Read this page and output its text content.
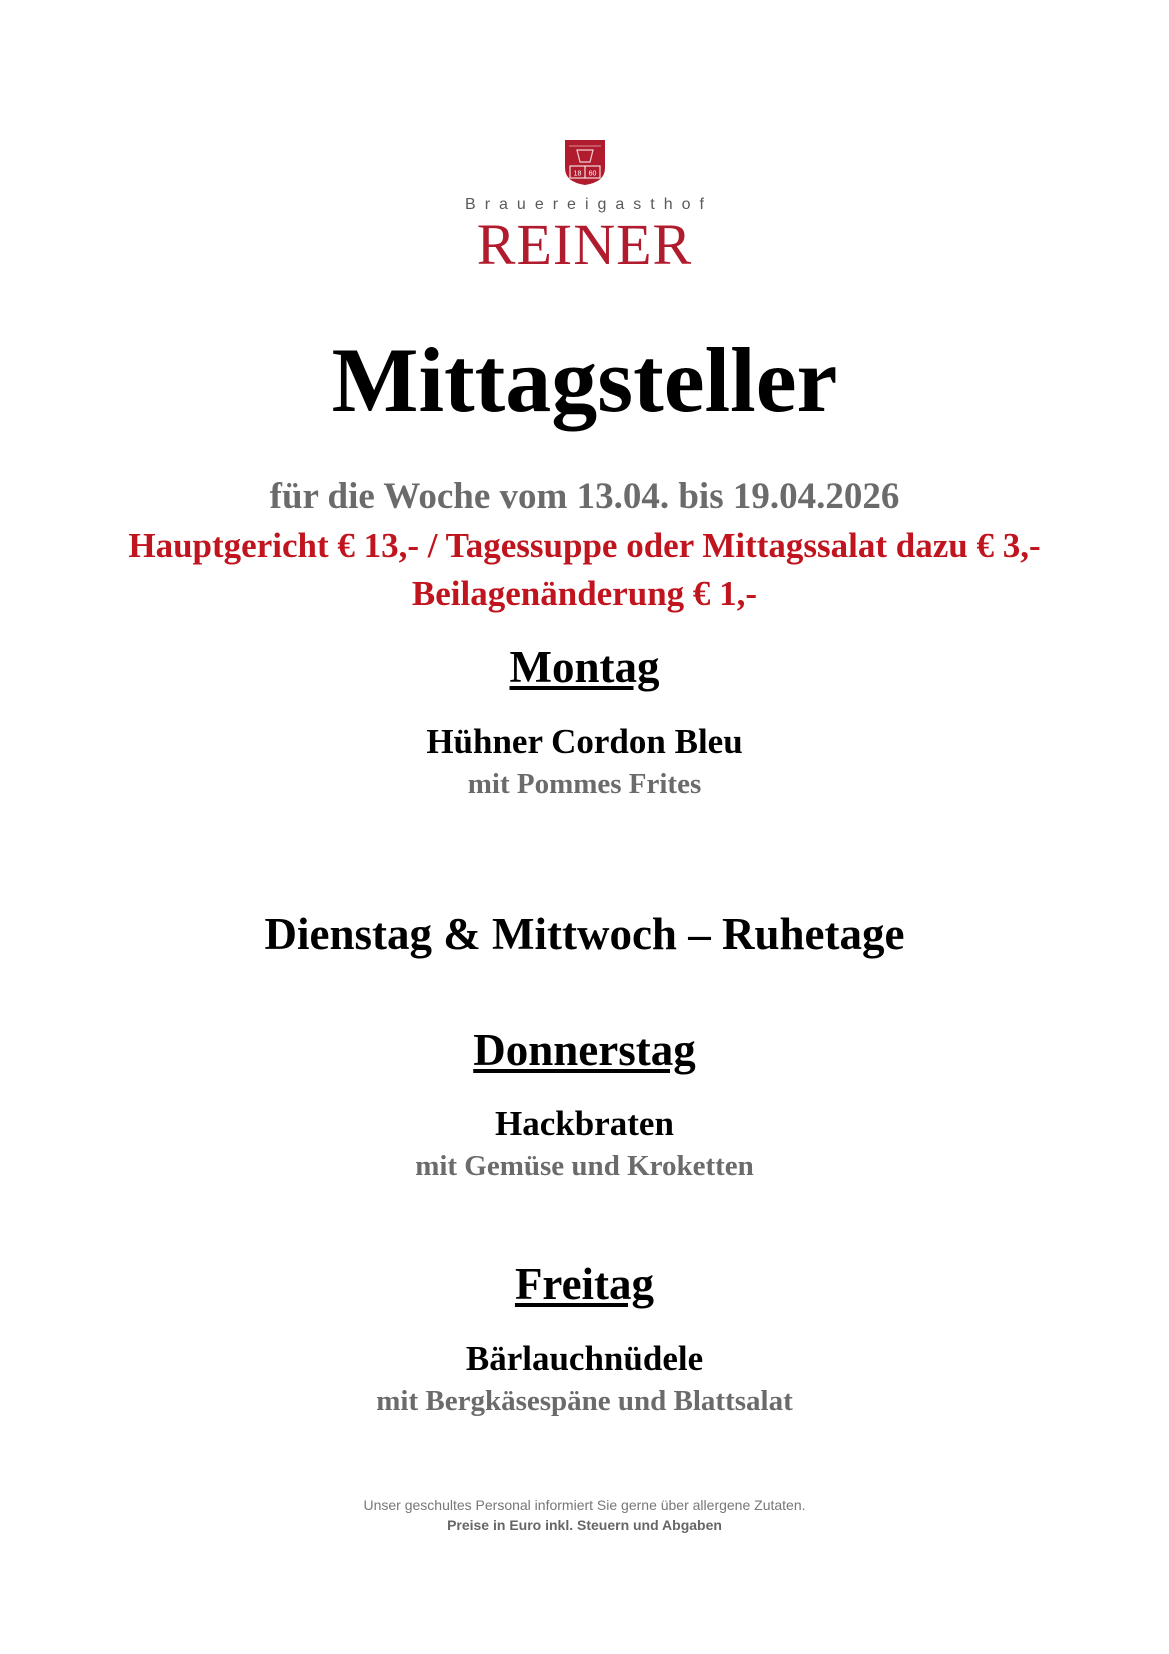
18 60
Brauereigasthof
REINER
Mittagsteller
für die Woche vom 13.04. bis 19.04.2026
Hauptgericht € 13,- / Tagessuppe oder Mittagssalat dazu € 3,-
Beilagenänderung € 1,-
Montag
Hühner Cordon Bleu
mit Pommes Frites
Dienstag & Mittwoch – Ruhetage
Donnerstag
Hackbraten
mit Gemüse und Kroketten
Freitag
Bärlauchnüdele
mit Bergkäsespäne und Blattsalat
Unser geschultes Personal informiert Sie gerne über allergene Zutaten.
Preise in Euro inkl. Steuern und Abgaben
